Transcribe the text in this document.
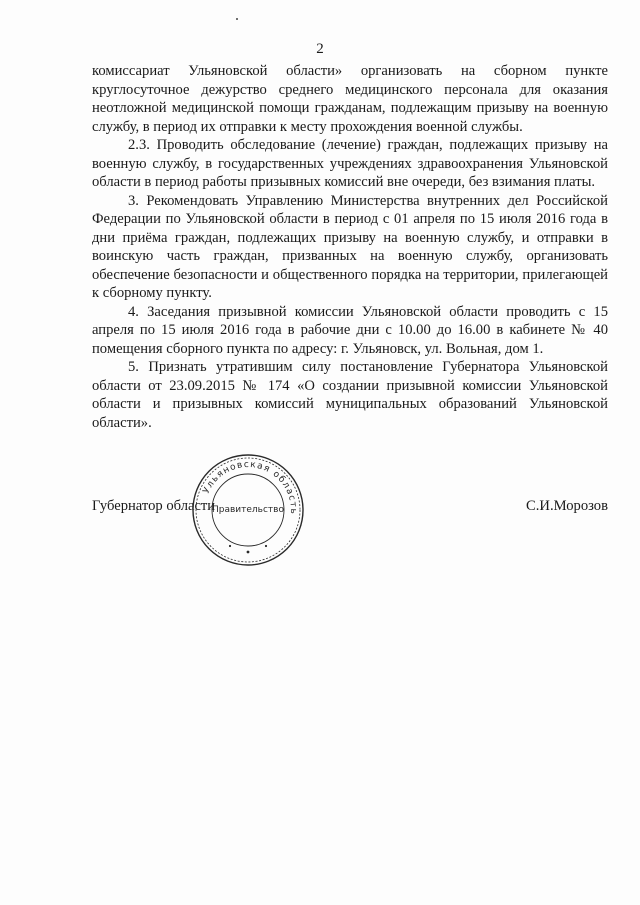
2

комиссариат Ульяновской области» организовать на сборном пункте круглосуточное дежурство среднего медицинского персонала для оказания неотложной медицинской помощи гражданам, подлежащим призыву на военную службу, в период их отправки к месту прохождения военной службы.

2.3. Проводить обследование (лечение) граждан, подлежащих призыву на военную службу, в государственных учреждениях здравоохранения Ульяновской области в период работы призывных комиссий вне очереди, без взимания платы.

3. Рекомендовать Управлению Министерства внутренних дел Российской Федерации по Ульяновской области в период с 01 апреля по 15 июля 2016 года в дни приёма граждан, подлежащих призыву на военную службу, и отправки в воинскую часть граждан, призванных на военную службу, организовать обеспечение безопасности и общественного порядка на территории, прилегающей к сборному пункту.

4. Заседания призывной комиссии Ульяновской области проводить с 15 апреля по 15 июля 2016 года в рабочие дни с 10.00 до 16.00 в кабинете № 40 помещения сборного пункта по адресу: г. Ульяновск, ул. Вольная, дом 1.

5. Признать утратившим силу постановление Губернатора Ульяновской области от 23.09.2015 № 174 «О создании призывной комиссии Ульяновской области и призывных комиссий муниципальных образований Ульяновской области».

Губернатор области	С.И.Морозов
Ульяновская область
Правительство
